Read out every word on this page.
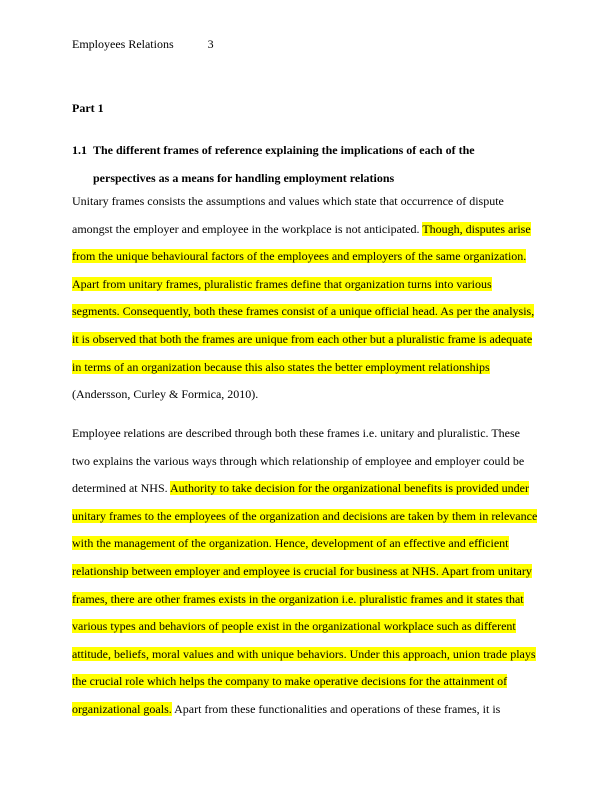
Employees Relations	3
Part 1
1.1 The different frames of reference explaining the implications of each of the
perspectives as a means for handling employment relations
Unitary frames consists the assumptions and values which state that occurrence of dispute
amongst the employer and employee in the workplace is not anticipated. Though, disputes arise
from the unique behavioural factors of the employees and employers of the same organization.
Apart from unitary frames, pluralistic frames define that organization turns into various
segments. Consequently, both these frames consist of a unique official head. As per the analysis,
it is observed that both the frames are unique from each other but a pluralistic frame is adequate
in terms of an organization because this also states the better employment relationships
(Andersson, Curley & Formica, 2010).
Employee relations are described through both these frames i.e. unitary and pluralistic. These
two explains the various ways through which relationship of employee and employer could be
determined at NHS. Authority to take decision for the organizational benefits is provided under
unitary frames to the employees of the organization and decisions are taken by them in relevance
with the management of the organization. Hence, development of an effective and efficient
relationship between employer and employee is crucial for business at NHS. Apart from unitary
frames, there are other frames exists in the organization i.e. pluralistic frames and it states that
various types and behaviors of people exist in the organizational workplace such as different
attitude, beliefs, moral values and with unique behaviors. Under this approach, union trade plays
the crucial role which helps the company to make operative decisions for the attainment of
organizational goals. Apart from these functionalities and operations of these frames, it is
